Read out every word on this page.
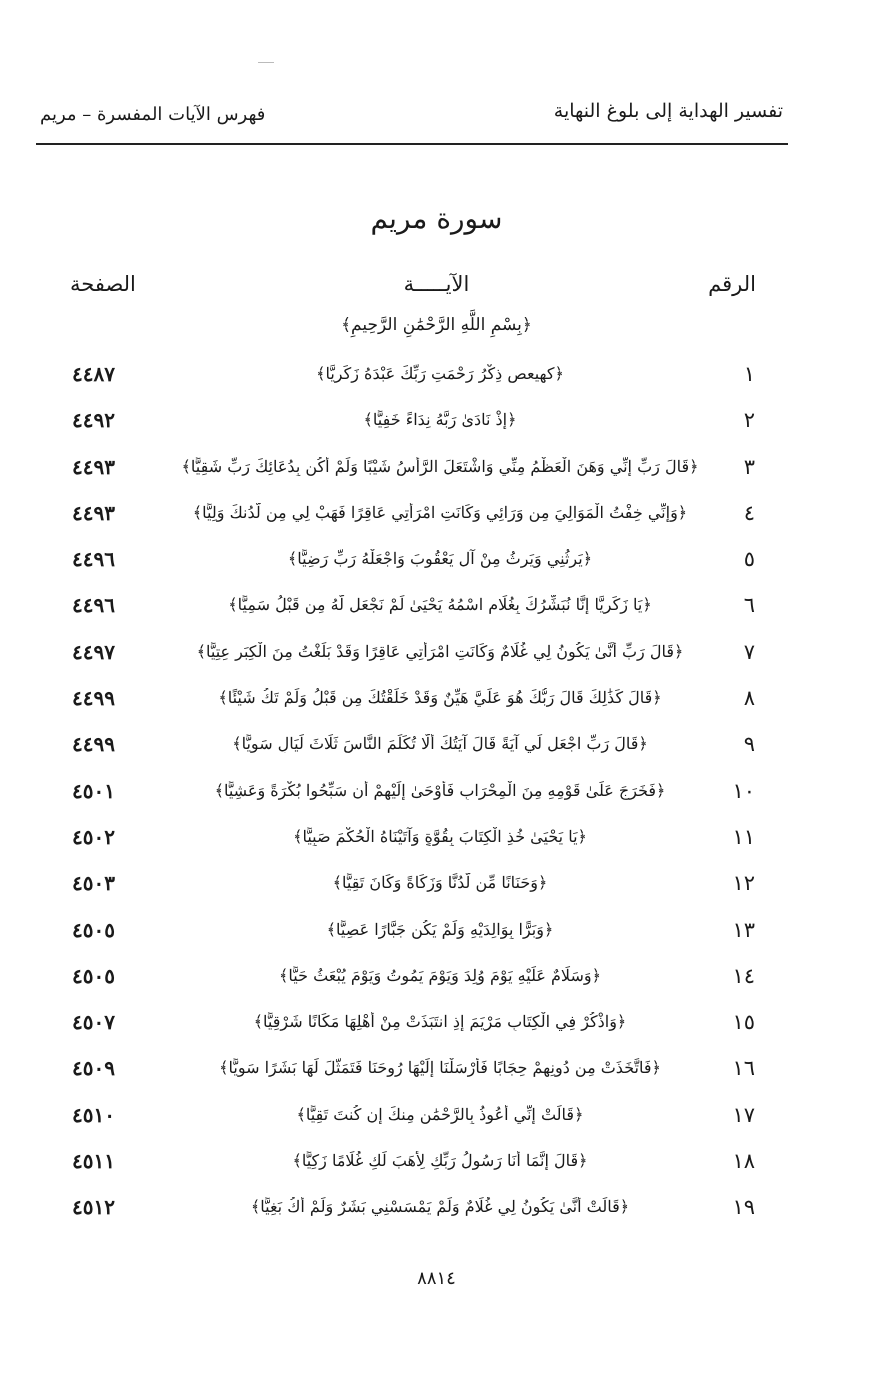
تفسير الهداية إلى بلوغ النهاية
فهرس الآيات المفسرة – مريم
سورة مريم
الرقم
الآيـــــة
الصفحة
﴿بِسْمِ اللَّهِ الرَّحْمَٰنِ الرَّحِيمِ﴾
١
﴿كهيعص ذِكْرُ رَحْمَتِ رَبِّكَ عَبْدَهُ زَكَرِيَّا﴾
٤٤٨٧
٢
﴿إِذْ نَادَىٰ رَبَّهُ نِدَاءً خَفِيًّا﴾
٤٤٩٢
٣
﴿قَالَ رَبِّ إِنِّي وَهَنَ الْعَظْمُ مِنِّي وَاشْتَعَلَ الرَّأْسُ شَيْبًا وَلَمْ أَكُن بِدُعَائِكَ رَبِّ شَقِيًّا﴾
٤٤٩٣
٤
﴿وَإِنِّي خِفْتُ الْمَوَالِيَ مِن وَرَائِي وَكَانَتِ امْرَأَتِي عَاقِرًا فَهَبْ لِي مِن لَّدُنكَ وَلِيًّا﴾
٤٤٩٣
٥
﴿يَرِثُنِي وَيَرِثُ مِنْ آلِ يَعْقُوبَ وَاجْعَلْهُ رَبِّ رَضِيًّا﴾
٤٤٩٦
٦
﴿يَا زَكَرِيَّا إِنَّا نُبَشِّرُكَ بِغُلَامٍ اسْمُهُ يَحْيَىٰ لَمْ نَجْعَل لَّهُ مِن قَبْلُ سَمِيًّا﴾
٤٤٩٦
٧
﴿قَالَ رَبِّ أَنَّىٰ يَكُونُ لِي غُلَامٌ وَكَانَتِ امْرَأَتِي عَاقِرًا وَقَدْ بَلَغْتُ مِنَ الْكِبَرِ عِتِيًّا﴾
٤٤٩٧
٨
﴿قَالَ كَذَٰلِكَ قَالَ رَبُّكَ هُوَ عَلَيَّ هَيِّنٌ وَقَدْ خَلَقْتُكَ مِن قَبْلُ وَلَمْ تَكُ شَيْئًا﴾
٤٤٩٩
٩
﴿قَالَ رَبِّ اجْعَل لِّي آيَةً قَالَ آيَتُكَ أَلَّا تُكَلِّمَ النَّاسَ ثَلَاثَ لَيَالٍ سَوِيًّا﴾
٤٤٩٩
١٠
﴿فَخَرَجَ عَلَىٰ قَوْمِهِ مِنَ الْمِحْرَابِ فَأَوْحَىٰ إِلَيْهِمْ أَن سَبِّحُوا بُكْرَةً وَعَشِيًّا﴾
٤٥٠١
١١
﴿يَا يَحْيَىٰ خُذِ الْكِتَابَ بِقُوَّةٍ وَآتَيْنَاهُ الْحُكْمَ صَبِيًّا﴾
٤٥٠٢
١٢
﴿وَحَنَانًا مِّن لَّدُنَّا وَزَكَاةً وَكَانَ تَقِيًّا﴾
٤٥٠٣
١٣
﴿وَبَرًّا بِوَالِدَيْهِ وَلَمْ يَكُن جَبَّارًا عَصِيًّا﴾
٤٥٠٥
١٤
﴿وَسَلَامٌ عَلَيْهِ يَوْمَ وُلِدَ وَيَوْمَ يَمُوتُ وَيَوْمَ يُبْعَثُ حَيًّا﴾
٤٥٠٥
١٥
﴿وَاذْكُرْ فِي الْكِتَابِ مَرْيَمَ إِذِ انتَبَذَتْ مِنْ أَهْلِهَا مَكَانًا شَرْقِيًّا﴾
٤٥٠٧
١٦
﴿فَاتَّخَذَتْ مِن دُونِهِمْ حِجَابًا فَأَرْسَلْنَا إِلَيْهَا رُوحَنَا فَتَمَثَّلَ لَهَا بَشَرًا سَوِيًّا﴾
٤٥٠٩
١٧
﴿قَالَتْ إِنِّي أَعُوذُ بِالرَّحْمَٰنِ مِنكَ إِن كُنتَ تَقِيًّا﴾
٤٥١٠
١٨
﴿قَالَ إِنَّمَا أَنَا رَسُولُ رَبِّكِ لِأَهَبَ لَكِ غُلَامًا زَكِيًّا﴾
٤٥١١
١٩
﴿قَالَتْ أَنَّىٰ يَكُونُ لِي غُلَامٌ وَلَمْ يَمْسَسْنِي بَشَرٌ وَلَمْ أَكُ بَغِيًّا﴾
٤٥١٢
٨٨١٤
